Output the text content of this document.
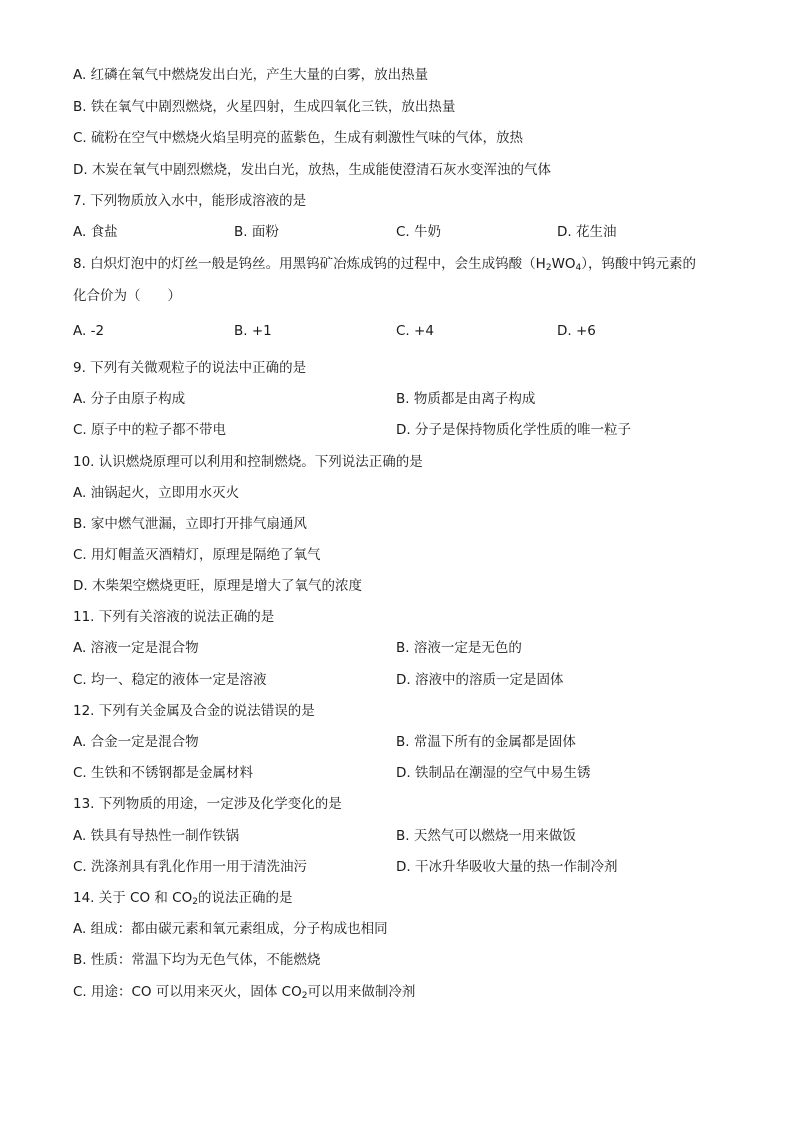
A. 红磷在氧气中燃烧发出白光，产生大量的白雾，放出热量
B. 铁在氧气中剧烈燃烧，火星四射，生成四氧化三铁，放出热量
C. 硫粉在空气中燃烧火焰呈明亮的蓝紫色，生成有刺激性气味的气体，放热
D. 木炭在氧气中剧烈燃烧，发出白光，放热，生成能使澄清石灰水变浑浊的气体
7. 下列物质放入水中，能形成溶液的是
A. 食盐	B. 面粉	C. 牛奶	D. 花生油
8. 白炽灯泡中的灯丝一般是钨丝。用黑钨矿冶炼成钨的过程中，会生成钨酸$(H_2WO_4)$，钨酸中钨元素的
化合价为（　　）
A. -2	B. +1	C. +4	D. +6
9. 下列有关微观粒子的说法中正确的是
A. 分子由原子构成	B. 物质都是由离子构成
C. 原子中的粒子都不带电	D. 分子是保持物质化学性质的唯一粒子
10. 认识燃烧原理可以利用和控制燃烧。下列说法正确的是
A. 油锅起火，立即用水灭火
B. 家中燃气泄漏，立即打开排气扇通风
C. 用灯帽盖灭酒精灯，原理是隔绝了氧气
D. 木柴架空燃烧更旺，原理是增大了氧气的浓度
11. 下列有关溶液的说法正确的是
A. 溶液一定是混合物	B. 溶液一定是无色的
C. 均一、稳定的液体一定是溶液	D. 溶液中的溶质一定是固体
12. 下列有关金属及合金的说法错误的是
A. 合金一定是混合物	B. 常温下所有的金属都是固体
C. 生铁和不锈钢都是金属材料	D. 铁制品在潮湿的空气中易生锈
13. 下列物质的用途，一定涉及化学变化的是
A. 铁具有导热性一制作铁锅	B. 天然气可以燃烧一用来做饭
C. 洗涤剂具有乳化作用一用于清洗油污	D. 干冰升华吸收大量的热一作制冷剂
14. 关于 CO 和 $CO_2$的说法正确的是
A. 组成：都由碳元素和氧元素组成，分子构成也相同
B. 性质：常温下均为无色气体，不能燃烧
C. 用途：CO 可以用来灭火，固体 $CO_2$可以用来做制冷剂
